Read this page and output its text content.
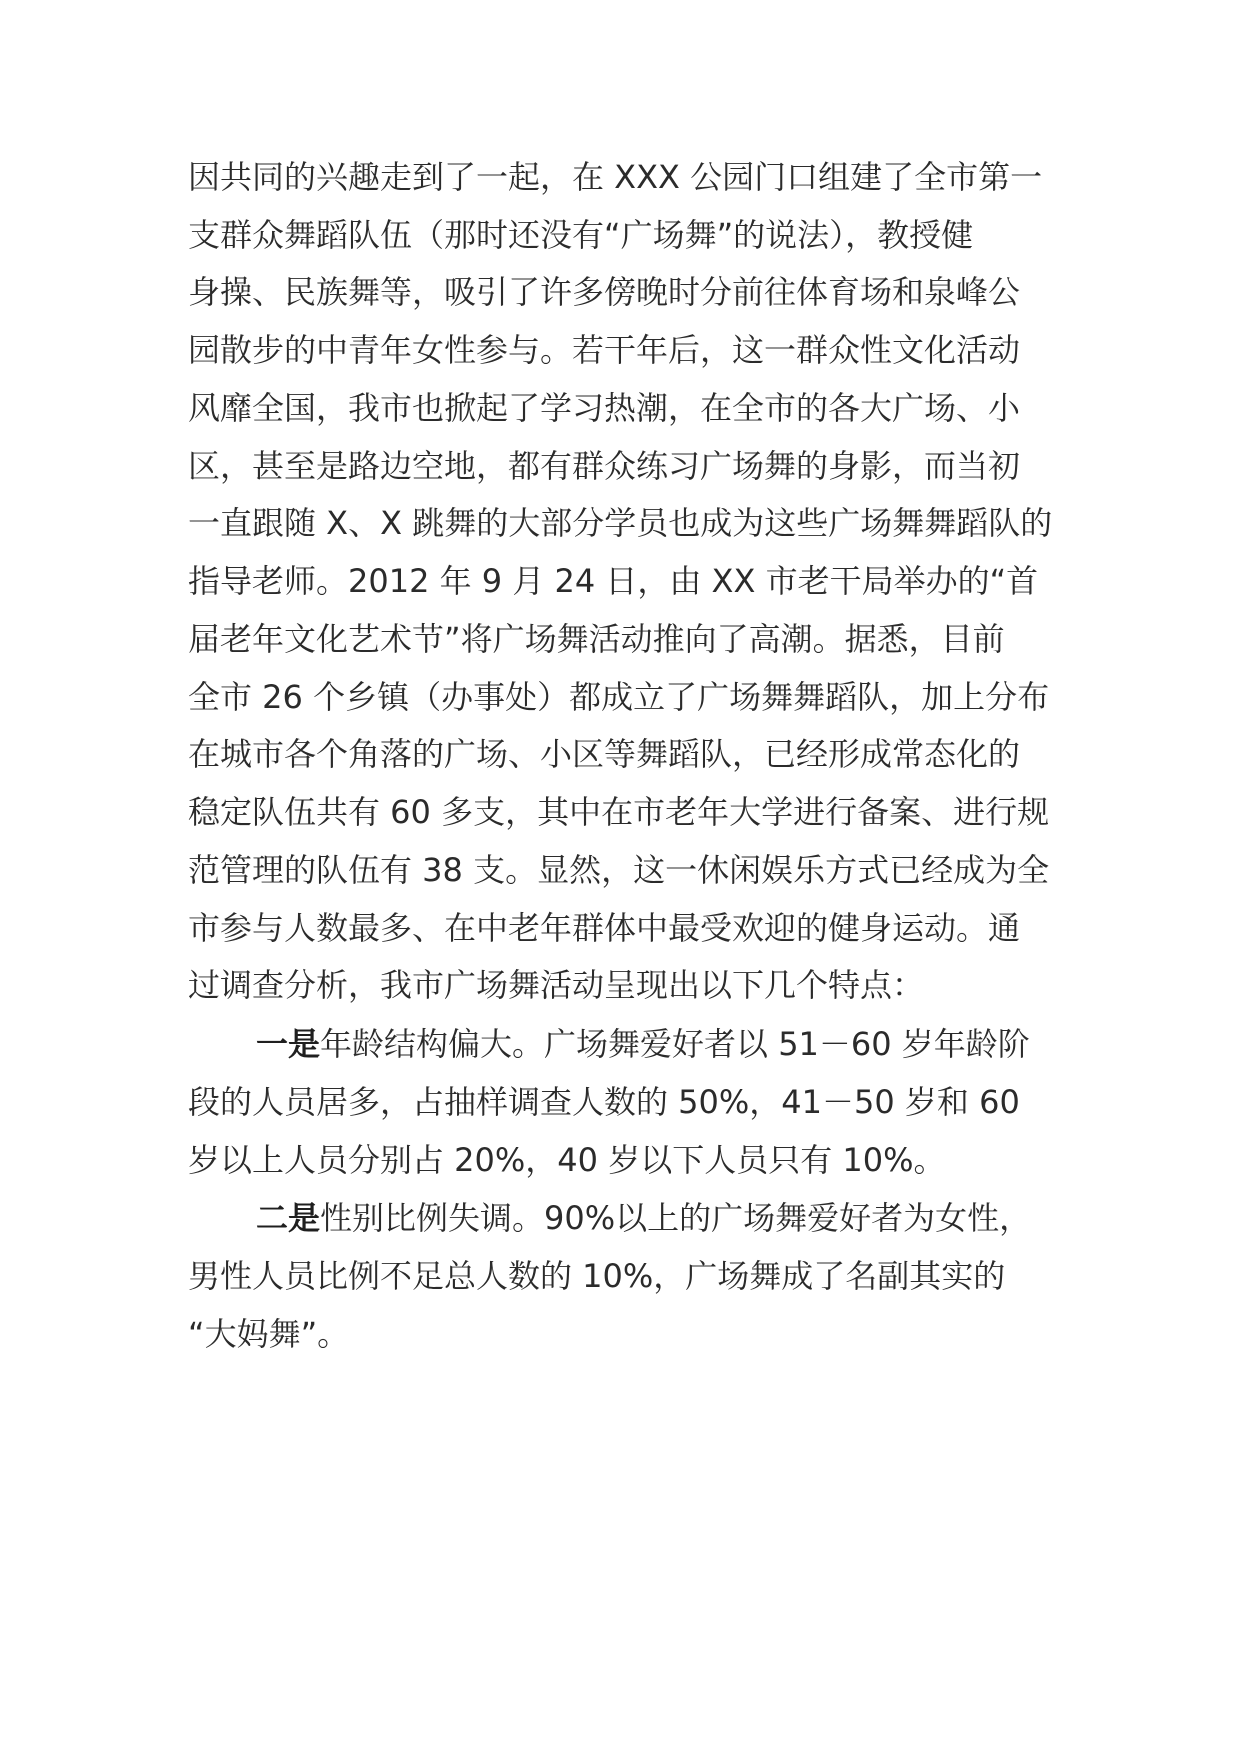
因共同的兴趣走到了一起，在 XXX 公园门口组建了全市第一
支群众舞蹈队伍（那时还没有“广场舞”的说法），教授健
身操、民族舞等，吸引了许多傍晚时分前往体育场和泉峰公
园散步的中青年女性参与。若干年后，这一群众性文化活动
风靡全国，我市也掀起了学习热潮，在全市的各大广场、小
区，甚至是路边空地，都有群众练习广场舞的身影，而当初
一直跟随 X、X 跳舞的大部分学员也成为这些广场舞舞蹈队的
指导老师。2012 年 9 月 24 日，由 XX 市老干局举办的“首
届老年文化艺术节”将广场舞活动推向了高潮。据悉，目前
全市 26 个乡镇（办事处）都成立了广场舞舞蹈队，加上分布
在城市各个角落的广场、小区等舞蹈队，已经形成常态化的
稳定队伍共有 60 多支，其中在市老年大学进行备案、进行规
范管理的队伍有 38 支。显然，这一休闲娱乐方式已经成为全
市参与人数最多、在中老年群体中最受欢迎的健身运动。通
过调查分析，我市广场舞活动呈现出以下几个特点：
一是年龄结构偏大。广场舞爱好者以 51－60 岁年龄阶
段的人员居多，占抽样调查人数的 50%，41－50 岁和 60
岁以上人员分别占 20%，40 岁以下人员只有 10%。
二是性别比例失调。90%以上的广场舞爱好者为女性，
男性人员比例不足总人数的 10%，广场舞成了名副其实的
“大妈舞”。
